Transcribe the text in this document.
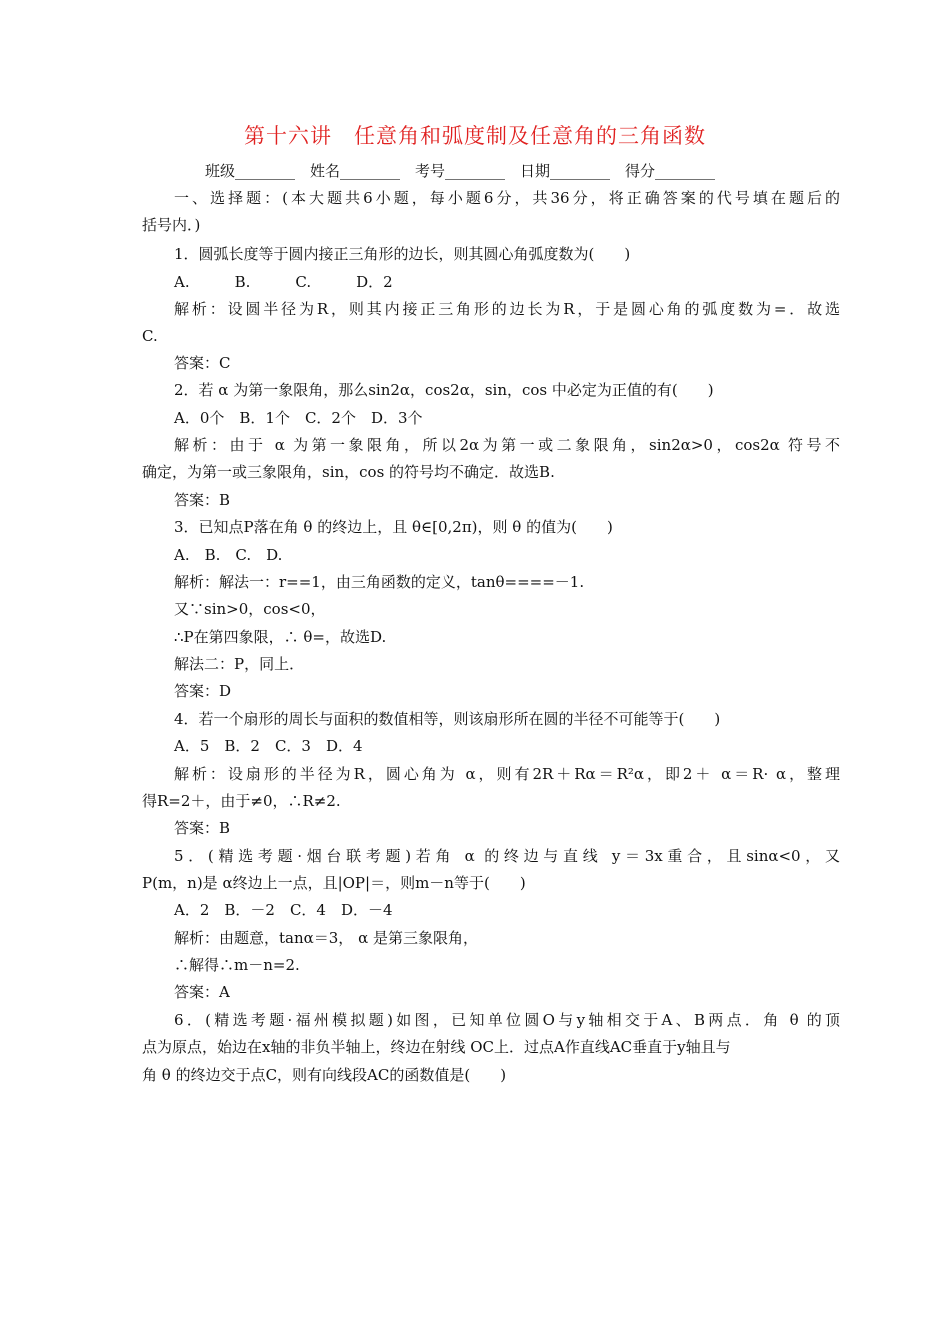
第十六讲　任意角和弧度制及任意角的三角函数
班级________　姓名________　考号________　日期________　得分________
一、选择题：(本大题共6小题，每小题6分，共36分，将正确答案的代号填在题后的
括号内．)
1．圆弧长度等于圆内接正三角形的边长，则其圆心角弧度数为(　　)
A.　　　B.　　　C.　　　D．2
解析：设圆半径为R，则其内接正三角形的边长为R，于是圆心角的弧度数为=．故选
C.
答案：C
2．若 α 为第一象限角，那么sin2α，cos2α，sin，cos 中必定为正值的有(　　)
A．0个　B．1个　C．2个　D．3个
解析：由于 α 为第一象限角，所以2α为第一或二象限角，sin2α>0，cos2α 符号不
确定，为第一或三象限角，sin，cos 的符号均不确定．故选B.
答案：B
3．已知点P落在角 θ 的终边上，且 θ∈[0,2π)，则 θ 的值为(　　)
A.　B.　C.　D.
解析：解法一：r==1，由三角函数的定义，tanθ====－1.
又∵sin>0，cos<0，
∴P在第四象限，∴ θ=，故选D.
解法二：P，同上．
答案：D
4．若一个扇形的周长与面积的数值相等，则该扇形所在圆的半径不可能等于(　　)
A．5　B．2　C．3　D．4
解析：设扇形的半径为R，圆心角为 α，则有2R＋Rα＝R²α，即2＋ α＝R· α，整理
得R=2＋，由于≠0，∴R≠2.
答案：B
5．(精选考题·烟台联考题)若角 α 的终边与直线 y＝3x重合，且sinα<0，又
P(m，n)是 α终边上一点，且|OP|＝，则m－n等于(　　)
A．2　B．－2　C．4　D．－4
解析：由题意，tanα＝3， α 是第三象限角，
∴解得∴m－n=2.
答案：A
6．(精选考题·福州模拟题)如图，已知单位圆O与y轴相交于A、B两点．角 θ 的顶
点为原点，始边在x轴的非负半轴上，终边在射线 OC上．过点A作直线AC垂直于y轴且与
角 θ 的终边交于点C，则有向线段AC的函数值是(　　)
